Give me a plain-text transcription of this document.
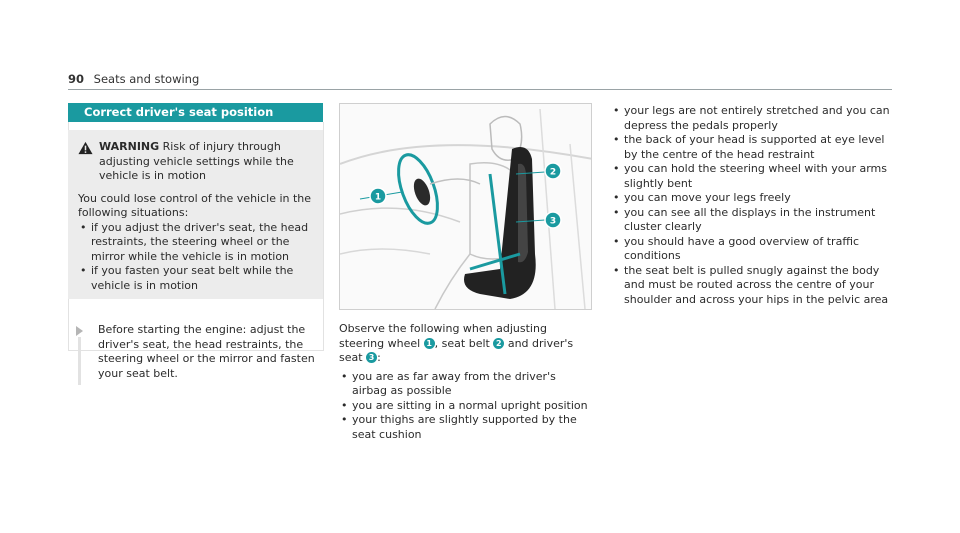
90 Seats and stowing
Correct driver's seat position
WARNING Risk of injury through adjusting vehicle settings while the vehicle is in motion
You could lose control of the vehicle in the following situations:
• if you adjust the driver's seat, the head restraints, the steering wheel or the mirror while the vehicle is in motion
• if you fasten your seat belt while the vehicle is in motion
Before starting the engine: adjust the driver's seat, the head restraints, the steering wheel or the mirror and fasten your seat belt.
1
2
3
Observe the following when adjusting steering wheel 1 , seat belt 2 and driver's seat 3 :
• you are as far away from the driver's airbag as possible
• you are sitting in a normal upright position
• your thighs are slightly supported by the seat cushion
• your legs are not entirely stretched and you can depress the pedals properly
• the back of your head is supported at eye level by the centre of the head restraint
• you can hold the steering wheel with your arms slightly bent
• you can move your legs freely
• you can see all the displays in the instrument cluster clearly
• you should have a good overview of traffic conditions
• the seat belt is pulled snugly against the body and must be routed across the centre of your shoulder and across your hips in the pelvic area
